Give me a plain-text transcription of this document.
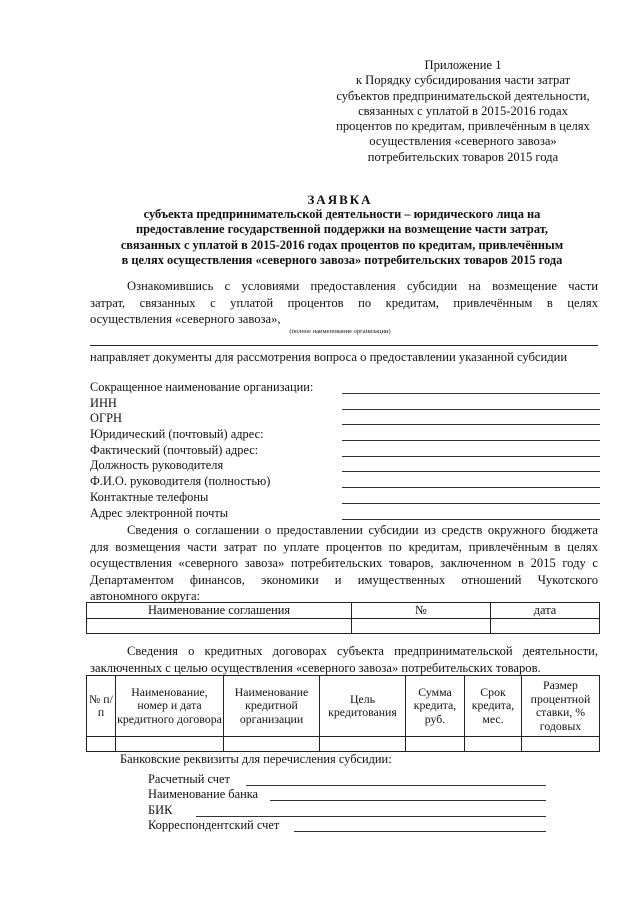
Приложение 1
к Порядку субсидирования части затрат
субъектов предпринимательской деятельности,
связанных с уплатой в 2015-2016 годах
процентов по кредитам, привлечённым в целях
осуществления «северного завоза»
потребительских товаров 2015 года
ЗАЯВКА
субъекта предпринимательской деятельности – юридического лица на
предоставление государственной поддержки на возмещение части затрат,
связанных с уплатой в 2015-2016 годах процентов по кредитам, привлечённым
в целях осуществления «северного завоза» потребительских товаров 2015 года
Ознакомившись с условиями предоставления субсидии на возмещение части
затрат, связанных с уплатой процентов по кредитам, привлечённым в целях
осуществления «северного завоза»,
(полное наименование организации)
направляет документы для рассмотрения вопроса о предоставлении указанной субсидии
Сокращенное наименование организации:
ИНН
ОГРН
Юридический (почтовый) адрес:
Фактический (почтовый) адрес:
Должность руководителя
Ф.И.О. руководителя (полностью)
Контактные телефоны
Адрес электронной почты
Сведения о соглашении о предоставлении субсидии из средств окружного бюджета
для возмещения части затрат по уплате процентов по кредитам, привлечённым в целях
осуществления «северного завоза» потребительских товаров, заключенном в 2015 году с
Департаментом финансов, экономики и имущественных отношений Чукотского
автономного округа:
Наименование соглашения	№	дата

Сведения о кредитных договорах субъекта предпринимательской деятельности,
заключенных с целью осуществления «северного завоза» потребительских товаров.
№ п/п	Наименование, номер и дата кредитного договора	Наименование кредитной организации	Цель кредитования	Сумма кредита, руб.	Срок кредита, мес.	Размер процентной ставки, % годовых

Банковские реквизиты для перечисления субсидии:
Расчетный счет
Наименование банка
БИК
Корреспондентский счет
